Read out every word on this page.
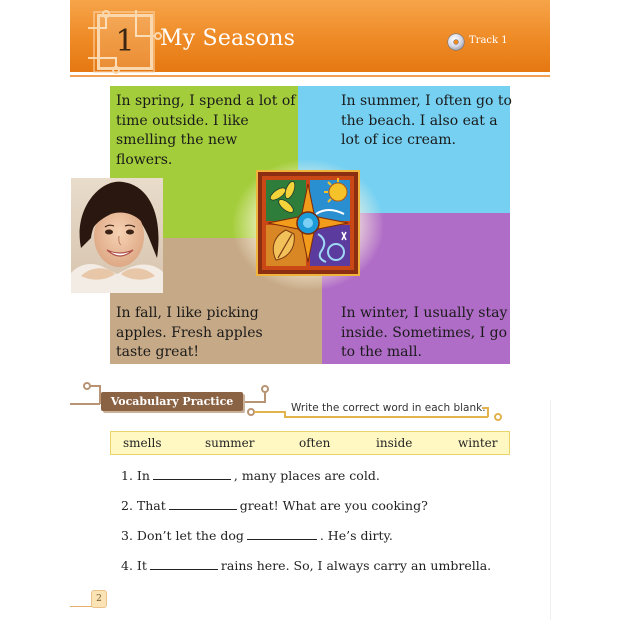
1	My Seasons	Track 1

In spring, I spend a lot of time outside. I like smelling the new flowers.

In summer, I often go to the beach. I also eat a lot of ice cream.

In fall, I like picking apples. Fresh apples taste great!

In winter, I usually stay inside. Sometimes, I go to the mall.

Vocabulary Practice	Write the correct word in each blank.
smells	summer	often	inside	winter
1. In	, many places are cold.
2. That	great! What are you cooking?
3. Don’t let the dog	. He’s dirty.
4. It	rains here. So, I always carry an umbrella.
2
